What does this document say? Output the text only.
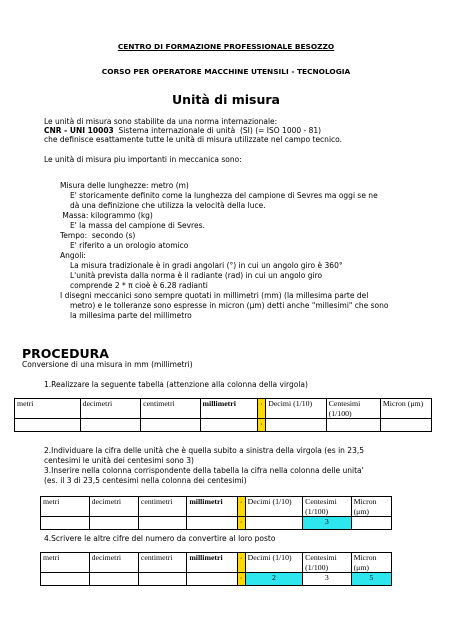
CENTRO DI FORMAZIONE PROFESSIONALE BESOZZO
CORSO PER OPERATORE MACCHINE UTENSILI - TECNOLOGIA
Unità di misura
Le unità di misura sono stabilite da una norma internazionale:
CNR - UNI 10003  Sistema internazionale di unità  (SI) (= ISO 1000 - 81)
che definisce esattamente tutte le unità di misura utilizzate nel campo tecnico.
Le unità di misura piu importanti in meccanica sono:
Misura delle lunghezze: metro (m)
E' storicamente definito come la lunghezza del campione di Sevres ma oggi se ne
dà una definizione che utilizza la velocità della luce.
Massa: kilogrammo (kg)
E' la massa del campione di Sevres.
Tempo:  secondo (s)
E' riferito a un orologio atomico
Angoli:
La misura tradizionale è in gradi angolari (°) in cui un angolo giro è 360°
L'unità prevista dalla norma è il radiante (rad) in cui un angolo giro
comprende 2 * π cioè è 6.28 radianti
I disegni meccanici sono sempre quotati in millimetri (mm) (la millesima parte del
metro) e le tolleranze sono espresse in micron (μm) detti anche "millesimi" che sono
la millesima parte del millimetro
PROCEDURA
Conversione di una misura in mm (millimetri)
1.Realizzare la seguente tabella (attenzione alla colonna della virgola)
metri	decimetri	centimetri	millimetri	,	Decimi (1/10)	Centesimi (1/100)	Micron (μm)
				,			
2.Individuare la cifra delle unità che è quella subito a sinistra della virgola (es in 23,5
centesimi le unità dei centesimi sono 3)
3.Inserire nella colonna corrispondente della tabella la cifra nella colonna delle unita'
(es. il 3 di 23,5 centesimi nella colonna dei centesimi)
metri	decimetri	centimetri	millimetri	,	Decimi (1/10)	Centesimi (1/100)	Micron (μm)
				,		3	
4.Scrivere le altre cifre del numero da convertire al loro posto
metri	decimetri	centimetri	millimetri	,	Decimi (1/10)	Centesimi (1/100)	Micron (μm)
				,	2	3	5
